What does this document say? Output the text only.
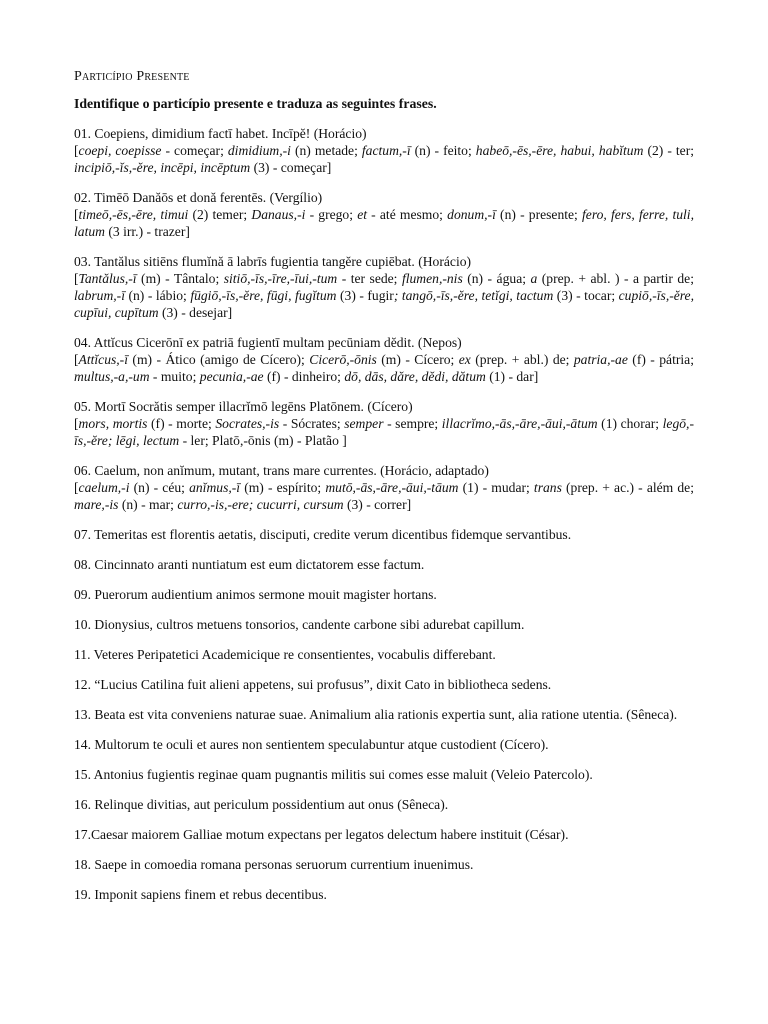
Particípio Presente
Identifique o particípio presente e traduza as seguintes frases.
01. Coepiens, dimidium factī habet. Incīpĕ! (Horácio)
[coepi, coepisse - começar; dimidium,-i (n) metade; factum,-ī (n) - feito; habeō,-ēs,-ēre, habui, habĭtum (2) - ter; incipiō,-ĭs,-ĕre, incēpi, incēptum (3) - começar]
02. Timēō Danăōs et donă ferentēs. (Vergílio)
[timeō,-ēs,-ēre, timui (2) temer; Danaus,-i - grego; et - até mesmo; donum,-ī (n) - presente; fero, fers, ferre, tuli, latum (3 irr.) - trazer]
03. Tantălus sitiēns flumĭnă ā labrīs fugientia tangĕre cupiēbat. (Horácio)
[Tantălus,-ī (m) - Tântalo; sitiō,-īs,-īre,-īui,-tum - ter sede; flumen,-nis (n) - água; a (prep. + abl. ) - a partir de; labrum,-ī (n) - lábio; fūgiō,-īs,-ĕre, fūgi, fugĭtum (3) - fugir; tangō,-īs,-ĕre, tetĭgi, tactum (3) - tocar; cupiō,-īs,-ĕre, cupīui, cupītum (3) - desejar]
04. Attĭcus Cicerōnī ex patriā fugientī multam pecūniam dĕdit. (Nepos)
[Attĭcus,-ī (m) - Ático (amigo de Cícero); Cicerō,-ōnis (m) - Cícero; ex (prep. + abl.) de; patria,-ae (f) - pátria; multus,-a,-um - muito; pecunia,-ae (f) - dinheiro; dō, dās, dăre, dĕdi, dătum (1) - dar]
05. Mortī Socrătis semper illacrĭmō legēns Platōnem. (Cícero)
[mors, mortis (f) - morte; Socrates,-is - Sócrates; semper - sempre; illacrĭmo,-ās,-āre,-āui,-ātum (1) chorar; legō,-īs,-ĕre; lēgi, lectum - ler; Platō,-ōnis (m) - Platão ]
06. Caelum, non anĭmum, mutant, trans mare currentes. (Horácio, adaptado)
[caelum,-i (n) - céu; anĭmus,-ī (m) - espírito; mutō,-ās,-āre,-āui,-tāum (1) - mudar; trans (prep. + ac.) - além de; mare,-is (n) - mar; curro,-is,-ere; cucurri, cursum (3) - correr]
07. Temeritas est florentis aetatis, disciputi, credite verum dicentibus fidemque servantibus.
08. Cincinnato aranti nuntiatum est eum dictatorem esse factum.
09. Puerorum audientium animos sermone mouit magister hortans.
10. Dionysius, cultros metuens tonsorios, candente carbone sibi adurebat capillum.
11. Veteres Peripatetici Academicique re consentientes, vocabulis differebant.
12. “Lucius Catilina fuit alieni appetens, sui profusus”, dixit Cato in bibliotheca sedens.
13. Beata est vita conveniens naturae suae. Animalium alia rationis expertia sunt, alia ratione utentia. (Sêneca).
14. Multorum te oculi et aures non sentientem speculabuntur atque custodient (Cícero).
15. Antonius fugientis reginae quam pugnantis militis sui comes esse maluit (Veleio Patercolo).
16. Relinque divitias, aut periculum possidentium aut onus (Sêneca).
17.Caesar maiorem Galliae motum expectans per legatos delectum habere instituit (César).
18. Saepe in comoedia romana personas seruorum currentium inuenimus.
19. Imponit sapiens finem et rebus decentibus.
